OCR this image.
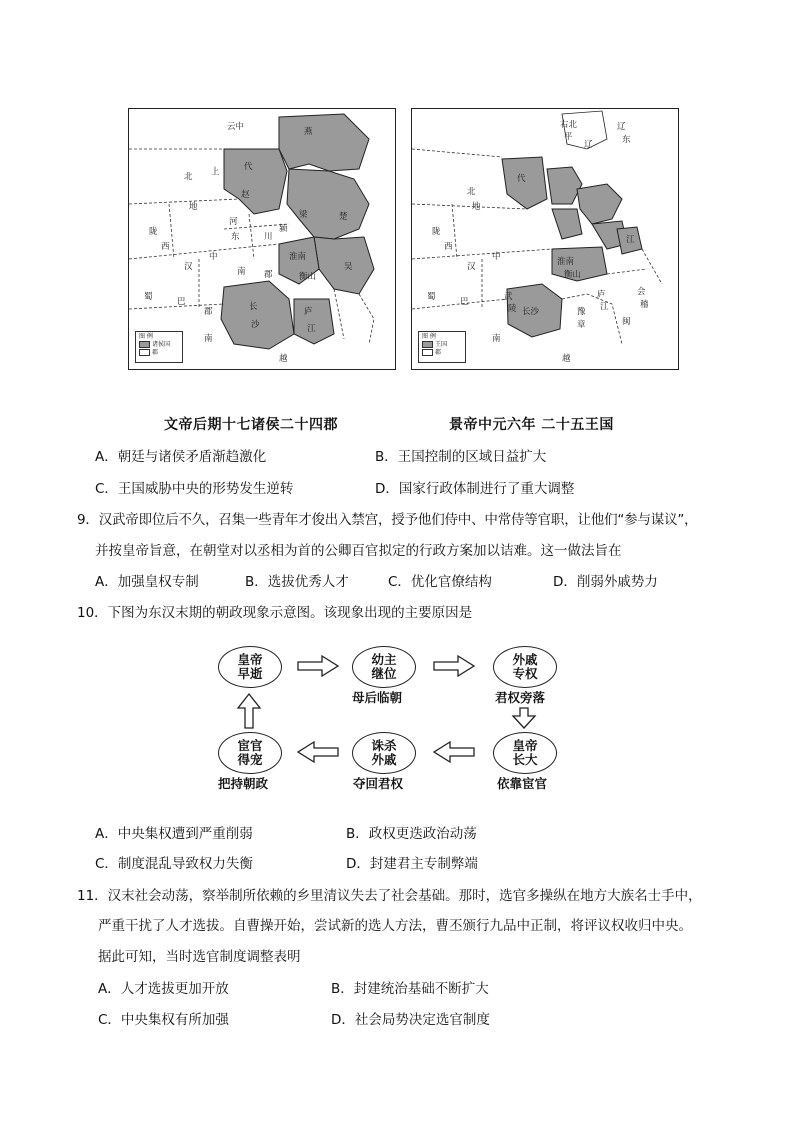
燕
代
赵
云中
上
北
地
陇
西
汉
中
巴
郡
蜀
河
东	川
颍
南 郡
梁	楚
淮南
衡山
吴
长
沙
庐
江
南
越
图 例
诸侯国
郡
文帝后期十七诸侯二十四郡
右北
平
辽
辽
东
代
北
地
陇
西
汉
中
巴
蜀
淮南
衡山
长沙
武
陵
庐
江
江
豫
章
会
稽
闽
南
越
图 例
王国
郡
景帝中元六年 二十五王国
A．朝廷与诸侯矛盾渐趋激化	B．王国控制的区域日益扩大
C．王国威胁中央的形势发生逆转	D．国家行政体制进行了重大调整
9．汉武帝即位后不久，召集一些青年才俊出入禁宫，授予他们侍中、中常侍等官职，让他们“参与谋议”，
并按皇帝旨意，在朝堂对以丞相为首的公卿百官拟定的行政方案加以诘难。这一做法旨在
A．加强皇权专制	B．选拔优秀人才	C．优化官僚结构	D．削弱外戚势力
10．下图为东汉末期的朝政现象示意图。该现象出现的主要原因是
皇帝
早逝
幼主
继位
母后临朝
外戚
专权
君权旁落
皇帝
长大
依靠宦官
诛杀
外戚
夺回君权
宦官
得宠
把持朝政
A．中央集权遭到严重削弱	B．政权更迭政治动荡
C．制度混乱导致权力失衡	D．封建君主专制弊端
11．汉末社会动荡，察举制所依赖的乡里清议失去了社会基础。那时，选官多操纵在地方大族名士手中，
严重干扰了人才选拔。自曹操开始，尝试新的选人方法，曹丕颁行九品中正制，将评议权收归中央。
据此可知，当时选官制度调整表明
A．人才选拔更加开放	B．封建统治基础不断扩大
C．中央集权有所加强	D．社会局势决定选官制度
